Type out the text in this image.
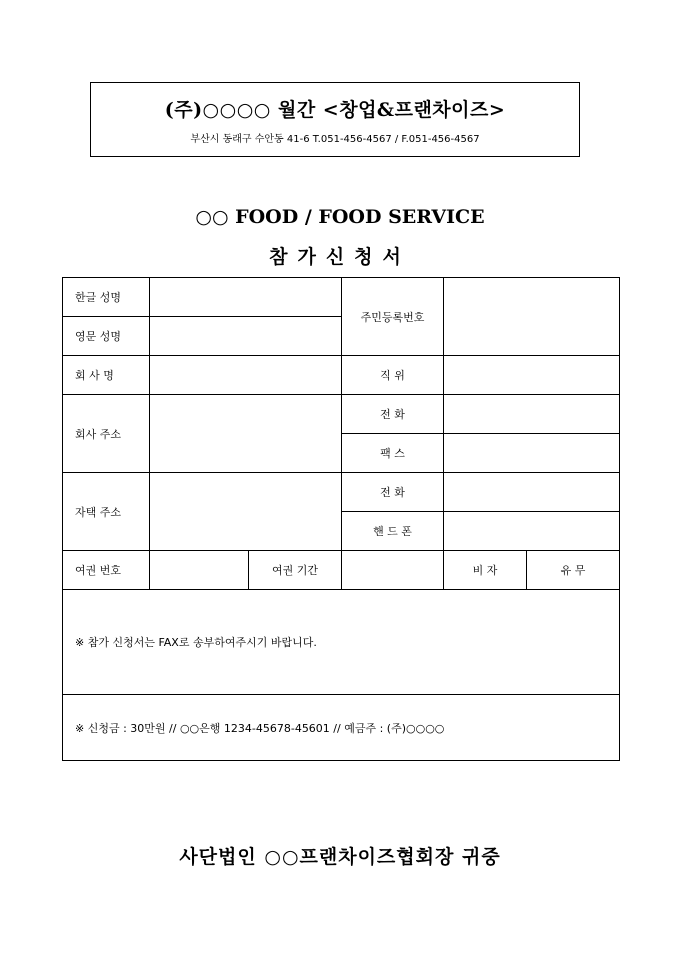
(주)○○○○ 월간 <창업&프랜차이즈>
부산시 동래구 수안동 41-6 T.051-456-4567 / F.051-456-4567
○○ FOOD / FOOD SERVICE
참가신청서
한글 성명			주민등록번호		
영문 성명					
회 사 명			직 위		
회사 주소			전 화		
			팩 스		
자택 주소			전 화		
			핸 드 폰		
여권 번호		여권 기간		비 자	유 무
※ 참가 신청서는 FAX로 송부하여주시기 바랍니다.					
※ 신청금 : 30만원 // ○○은행 1234-45678-45601 // 예금주 : (주)○○○○					
사단법인 ○○프랜차이즈협회장 귀중
